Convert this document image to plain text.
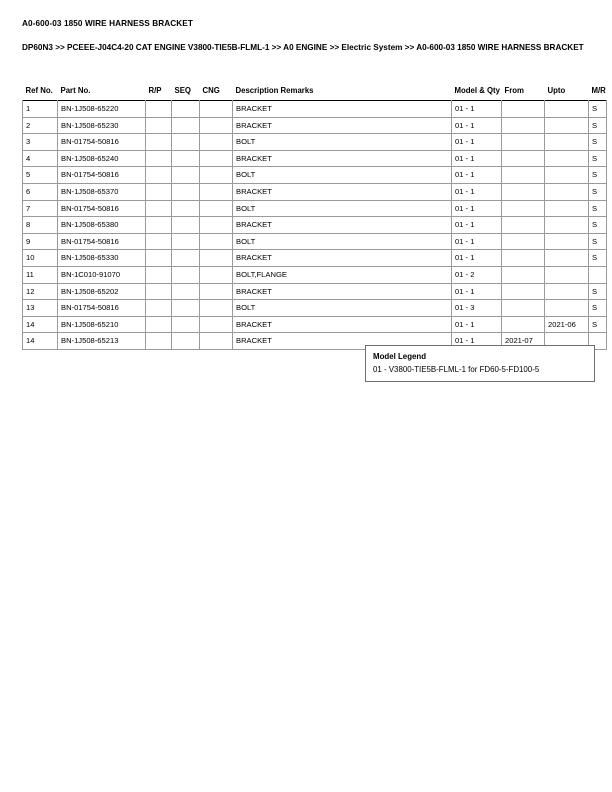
A0-600-03 1850 WIRE HARNESS BRACKET
DP60N3 >> PCEEE-J04C4-20 CAT ENGINE V3800-TIE5B-FLML-1 >> A0 ENGINE >> Electric System >> A0-600-03 1850 WIRE HARNESS BRACKET
Ref No.	Part No.	R/P	SEQ	CNG	Description Remarks	Model & Qty	From	Upto	M/R
1	BN-1J508-65220				BRACKET	01 - 1			S
2	BN-1J508-65230				BRACKET	01 - 1			S
3	BN-01754-50816				BOLT	01 - 1			S
4	BN-1J508-65240				BRACKET	01 - 1			S
5	BN-01754-50816				BOLT	01 - 1			S
6	BN-1J508-65370				BRACKET	01 - 1			S
7	BN-01754-50816				BOLT	01 - 1			S
8	BN-1J508-65380				BRACKET	01 - 1			S
9	BN-01754-50816				BOLT	01 - 1			S
10	BN-1J508-65330				BRACKET	01 - 1			S
11	BN-1C010-91070				BOLT,FLANGE	01 - 2			
12	BN-1J508-65202				BRACKET	01 - 1			S
13	BN-01754-50816				BOLT	01 - 3			S
14	BN-1J508-65210				BRACKET	01 - 1		2021-06	S
14	BN-1J508-65213				BRACKET	01 - 1	2021-07		
Model Legend
01 - V3800-TIE5B-FLML-1 for FD60-5-FD100-5
